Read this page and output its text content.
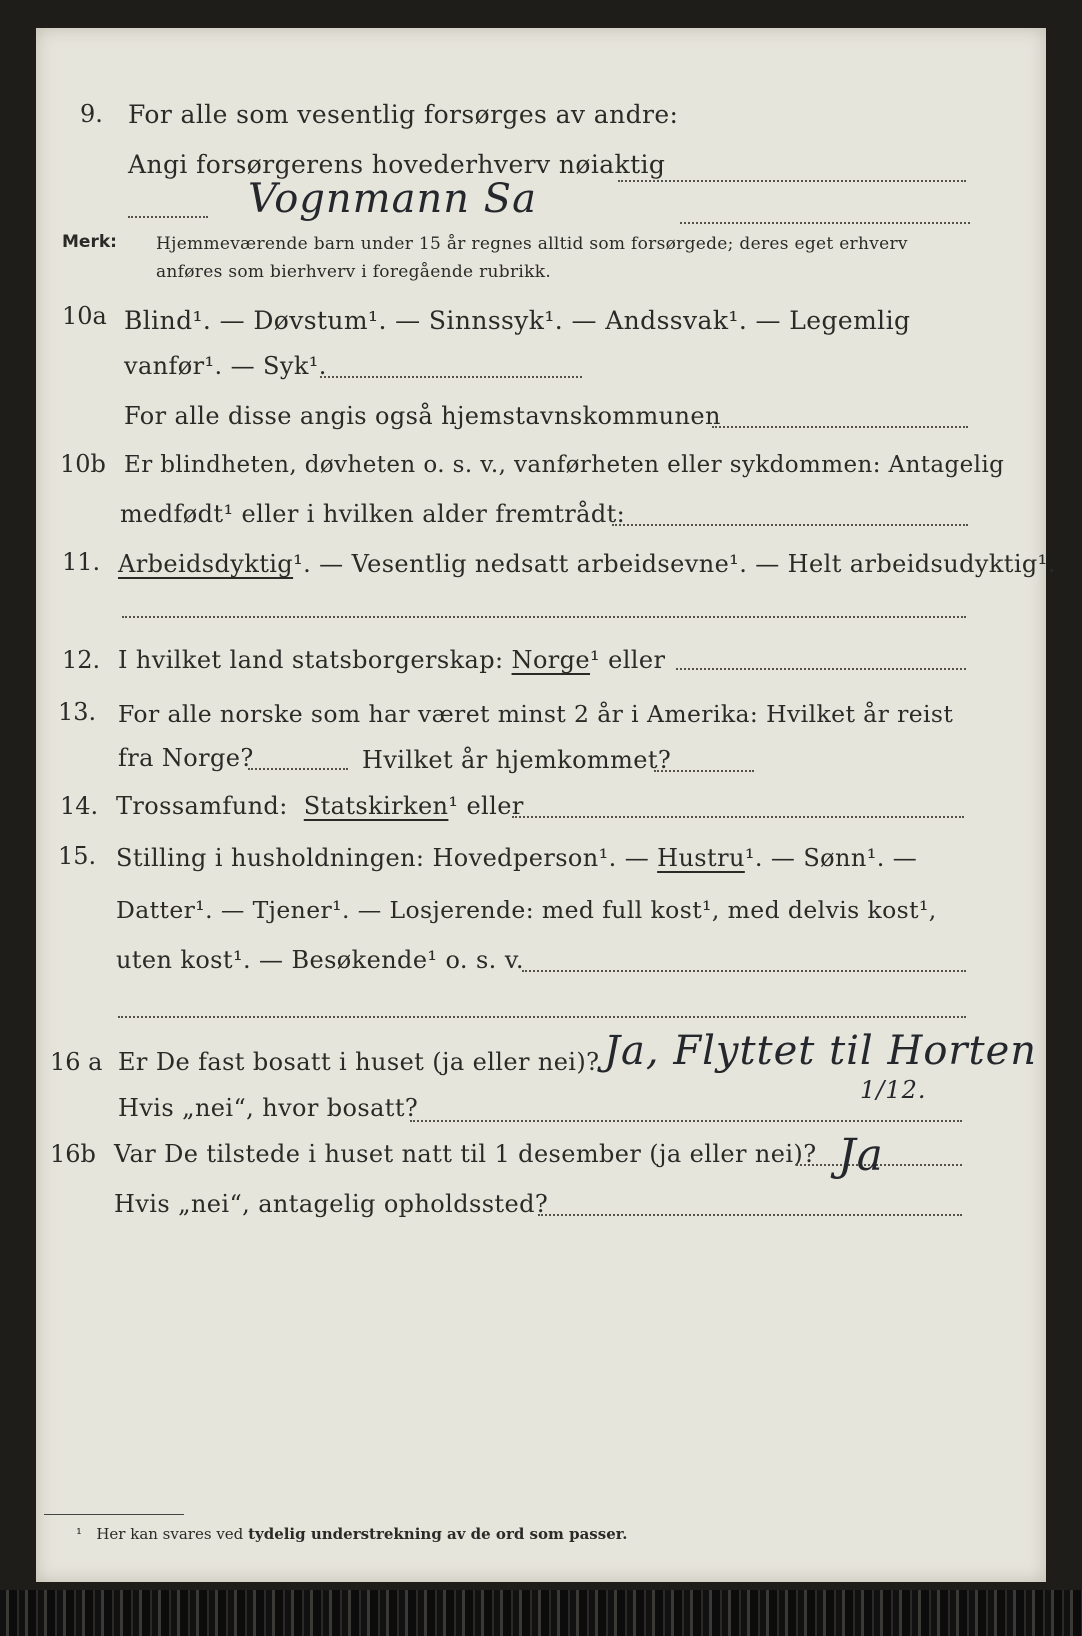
9. For alle som vesentlig forsørges av andre:
Angi forsørgerens hovederhverv nøiaktig
Vognmann Sa
Merk: Hjemmeværende barn under 15 år regnes alltid som forsørgede; deres eget erhverv
anføres som bierhverv i foregående rubrikk.
10a Blind¹. — Døvstum¹. — Sinnssyk¹. — Andssvak¹. — Legemlig
vanfør¹. — Syk¹.
For alle disse angis også hjemstavnskommunen
10b Er blindheten, døvheten o. s. v., vanførheten eller sykdommen: Antagelig
medfødt¹ eller i hvilken alder fremtrådt:
11. Arbeidsdyktig¹. — Vesentlig nedsatt arbeidsevne¹. — Helt arbeidsudyktig¹.
12. I hvilket land statsborgerskap: Norge¹ eller
13. For alle norske som har været minst 2 år i Amerika: Hvilket år reist
fra Norge?	Hvilket år hjemkommet?
14. Trossamfund: Statskirken¹ eller
15. Stilling i husholdningen: Hovedperson¹. — Hustru¹. — Sønn¹. —
Datter¹. — Tjener¹. — Losjerende: med full kost¹, med delvis kost¹,
uten kost¹. — Besøkende¹ o. s. v.
16 a Er De fast bosatt i huset (ja eller nei)? Ja, Flyttet til Horten
Hvis „nei“, hvor bosatt?
1/12.
16b Var De tilstede i huset natt til 1 desember (ja eller nei)? Ja
Hvis „nei“, antagelig opholdssted?
¹ Her kan svares ved tydelig understrekning av de ord som passer.
